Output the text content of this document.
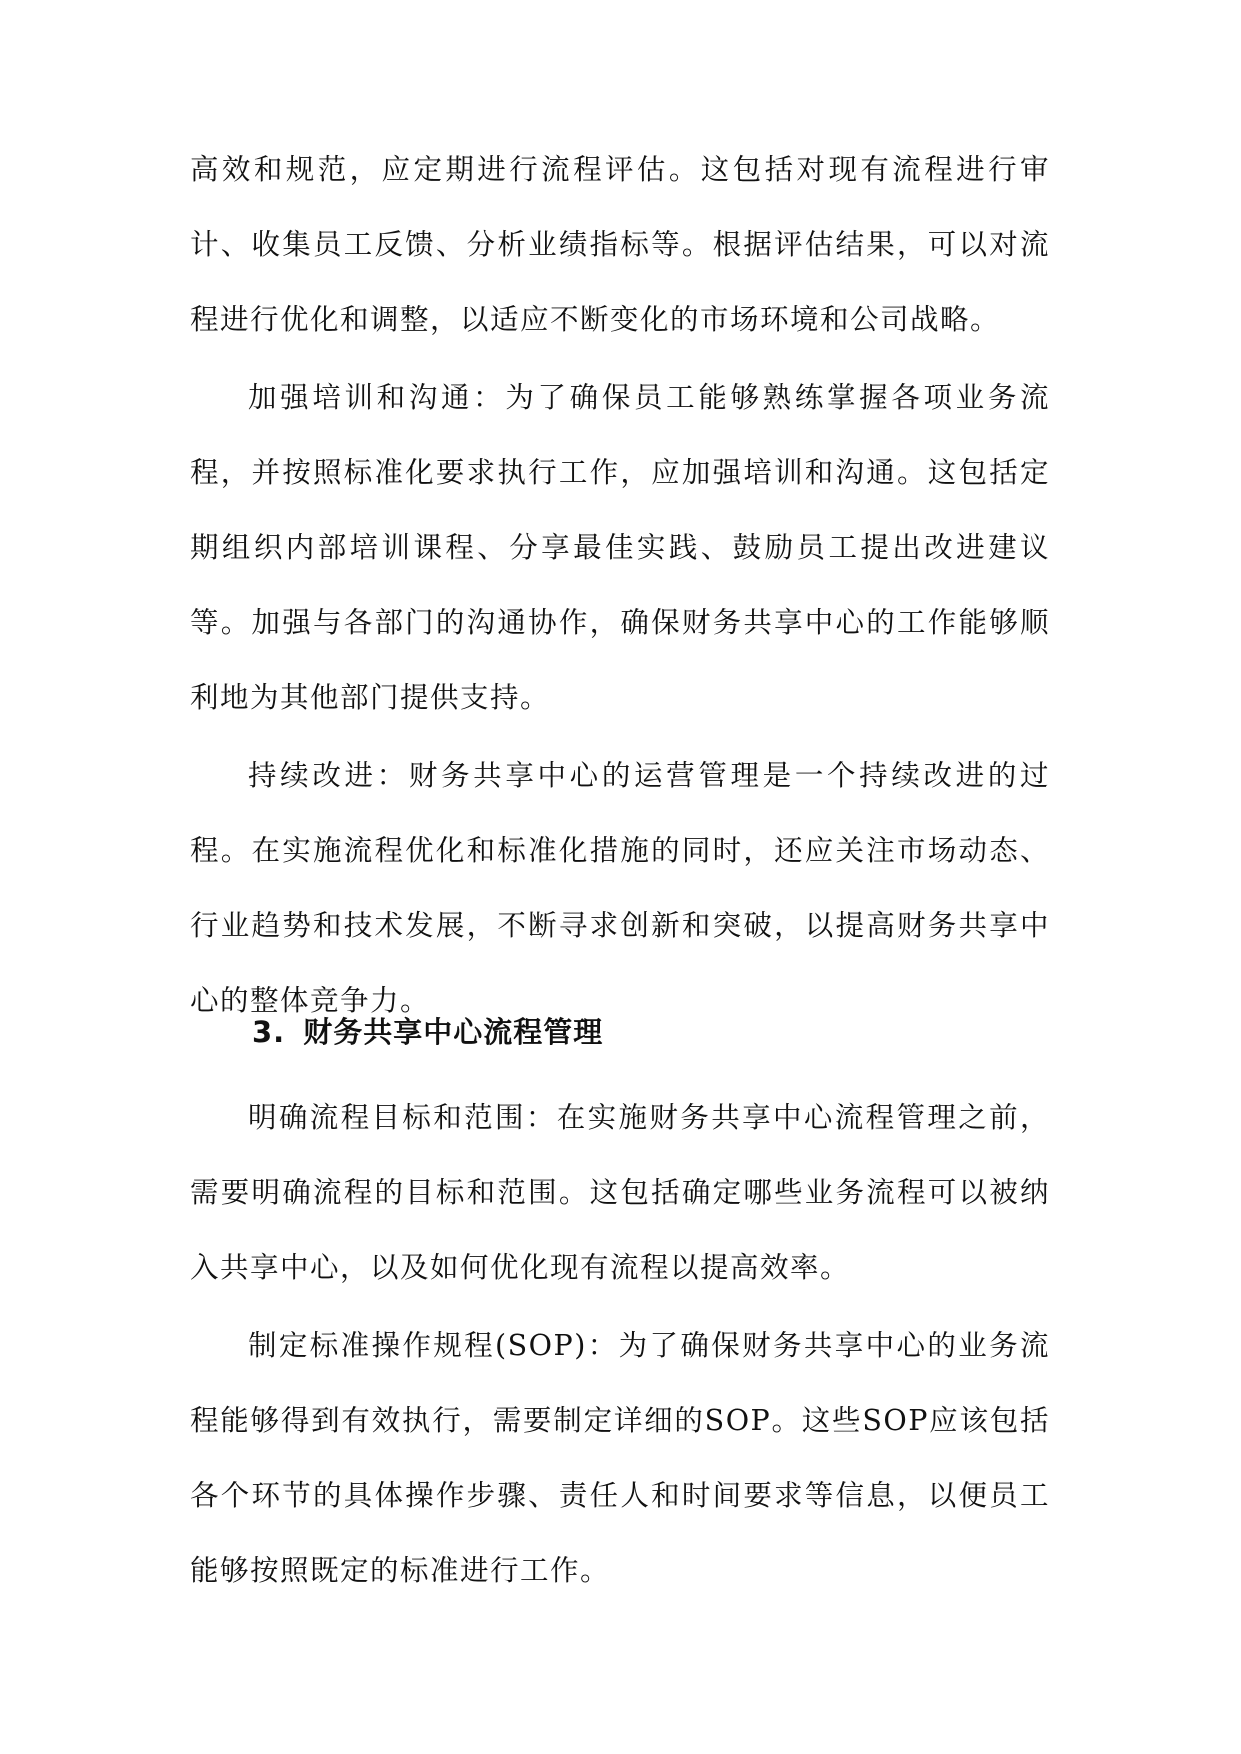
高效和规范，应定期进行流程评估。这包括对现有流程进行审计、收集员工反馈、分析业绩指标等。根据评估结果，可以对流程进行优化和调整，以适应不断变化的市场环境和公司战略。

加强培训和沟通：为了确保员工能够熟练掌握各项业务流程，并按照标准化要求执行工作，应加强培训和沟通。这包括定期组织内部培训课程、分享最佳实践、鼓励员工提出改进建议等。加强与各部门的沟通协作，确保财务共享中心的工作能够顺利地为其他部门提供支持。

持续改进：财务共享中心的运营管理是一个持续改进的过程。在实施流程优化和标准化措施的同时，还应关注市场动态、行业趋势和技术发展，不断寻求创新和突破，以提高财务共享中心的整体竞争力。

3. 财务共享中心流程管理

明确流程目标和范围：在实施财务共享中心流程管理之前，需要明确流程的目标和范围。这包括确定哪些业务流程可以被纳入共享中心，以及如何优化现有流程以提高效率。

制定标准操作规程(SOP)：为了确保财务共享中心的业务流程能够得到有效执行，需要制定详细的SOP。这些SOP应该包括各个环节的具体操作步骤、责任人和时间要求等信息，以便员工能够按照既定的标准进行工作。
